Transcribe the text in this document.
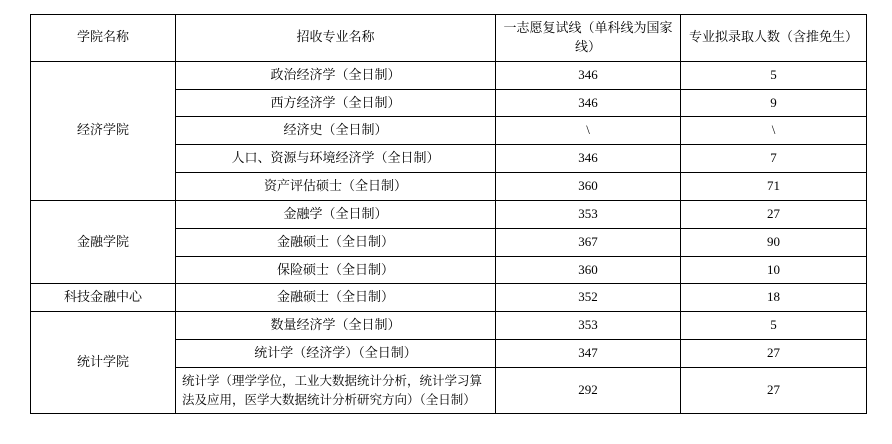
学院名称	招收专业名称	一志愿复试线（单科线为国家线）	专业拟录取人数（含推免生）
经济学院	政治经济学（全日制）	346	5
	西方经济学（全日制）	346	9
	经济史（全日制）	\	\
	人口、资源与环境经济学（全日制）	346	7
	资产评估硕士（全日制）	360	71
金融学院	金融学（全日制）	353	27
	金融硕士（全日制）	367	90
	保险硕士（全日制）	360	10
科技金融中心	金融硕士（全日制）	352	18
统计学院	数量经济学（全日制）	353	5
	统计学（经济学）（全日制）	347	27
	统计学（理学学位，工业大数据统计分析，统计学习算法及应用，医学大数据统计分析研究方向）（全日制）	292	27
